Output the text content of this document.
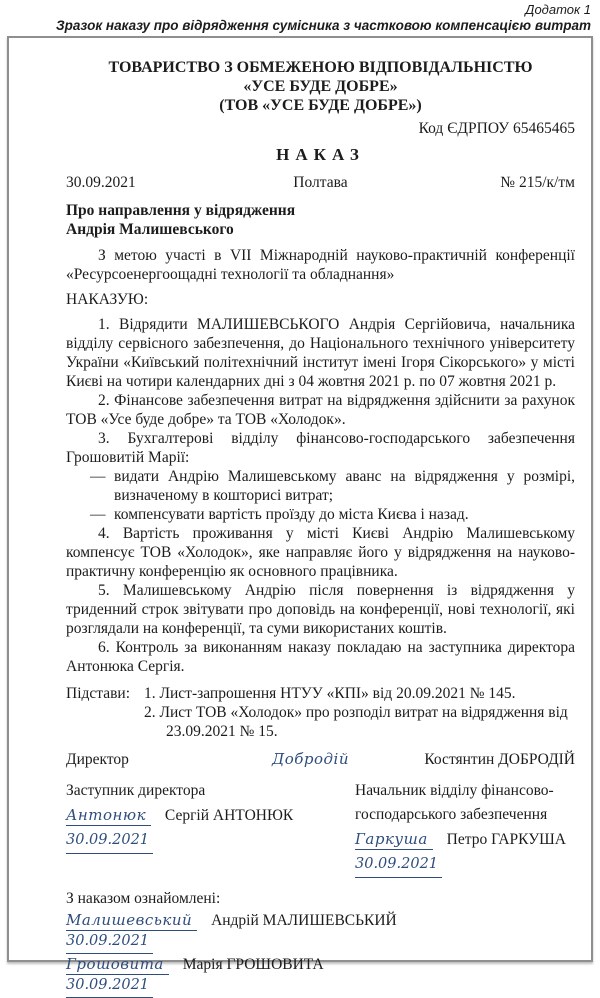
Додаток 1
Зразок наказу про відрядження сумісника з частковою компенсацією витрат
ТОВАРИСТВО З ОБМЕЖЕНОЮ ВІДПОВІДАЛЬНІСТЮ
«УСЕ БУДЕ ДОБРЕ»
(ТОВ «УСЕ БУДЕ ДОБРЕ»)
Код ЄДРПОУ 65465465
НАКАЗ
30.09.2021	Полтава	№ 215/к/тм
Про направлення у відрядження
Андрія Малишевського

З метою участі в VII Міжнародній науково-практичній конференції «Ресурсоенергоощадні технології та обладнання»

НАКАЗУЮ:

1. Відрядити МАЛИШЕВСЬКОГО Андрія Сергійовича, начальника відділу сервісного забезпечення, до Національного технічного університету України «Київський політехнічний інститут імені Ігоря Сікорського» у місті Києві на чотири календарних дні з 04 жовтня 2021 р. по 07 жовтня 2021 р.

2. Фінансове забезпечення витрат на відрядження здійснити за рахунок ТОВ «Усе буде добре» та ТОВ «Холодок».

3. Бухгалтерові відділу фінансово-господарського забезпечення Грошовитій Марії:

— видати Андрію Малишевському аванс на відрядження у розмірі, визначеному в кошторисі витрат;
— компенсувати вартість проїзду до міста Києва і назад.

4. Вартість проживання у місті Києві Андрію Малишевському компенсує ТОВ «Холодок», яке направляє його у відрядження на науково-практичну конференцію як основного працівника.

5. Малишевському Андрію після повернення із відрядження у триденний строк звітувати про доповідь на конференції, нові технології, які розглядали на конференції, та суми використаних коштів.

6. Контроль за виконанням наказу покладаю на заступника директора Антонюка Сергія.

Підстави: 1. Лист-запрошення НТУУ «КПІ» від 20.09.2021 № 145.
2. Лист ТОВ «Холодок» про розподіл витрат на відрядження від 23.09.2021 № 15.
Директор	Добродій	Костянтин ДОБРОДІЙ
Заступник директора
Антонюк Сергій АНТОНЮК
30.09.2021
Начальник відділу фінансово-
господарського забезпечення
Гаркуша Петро ГАРКУША
30.09.2021
З наказом ознайомлені:
Малишевський Андрій МАЛИШЕВСЬКИЙ
30.09.2021
Грошовита Марія ГРОШОВИТА
30.09.2021
